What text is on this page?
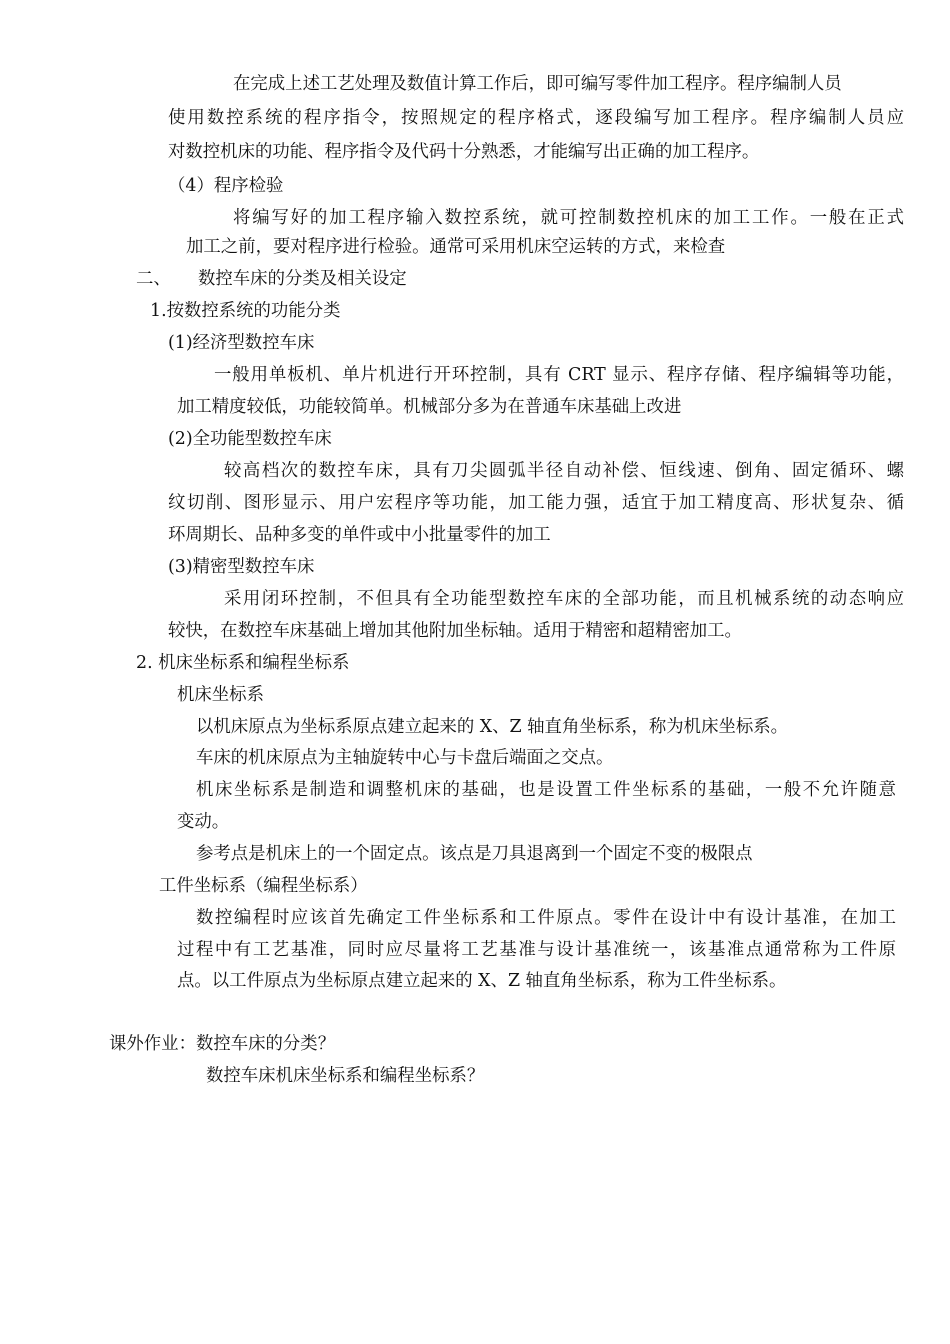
在完成上述工艺处理及数值计算工作后，即可编写零件加工程序。程序编制人员
使用数控系统的程序指令，按照规定的程序格式，逐段编写加工程序。程序编制人员应
对数控机床的功能、程序指令及代码十分熟悉，才能编写出正确的加工程序。
（4）程序检验
将编写好的加工程序输入数控系统，就可控制数控机床的加工工作。一般在正式
加工之前，要对程序进行检验。通常可采用机床空运转的方式，来检查
二、 数控车床的分类及相关设定
1.按数控系统的功能分类
(1)经济型数控车床
一般用单板机、单片机进行开环控制，具有 CRT 显示、程序存储、程序编辑等功能，
加工精度较低，功能较简单。机械部分多为在普通车床基础上改进
(2)全功能型数控车床
较高档次的数控车床，具有刀尖圆弧半径自动补偿、恒线速、倒角、固定循环、螺
纹切削、图形显示、用户宏程序等功能，加工能力强，适宜于加工精度高、形状复杂、循
环周期长、品种多变的单件或中小批量零件的加工
(3)精密型数控车床
采用闭环控制，不但具有全功能型数控车床的全部功能，而且机械系统的动态响应
较快，在数控车床基础上增加其他附加坐标轴。适用于精密和超精密加工。
2. 机床坐标系和编程坐标系
机床坐标系
以机床原点为坐标系原点建立起来的 X、Z 轴直角坐标系，称为机床坐标系。
车床的机床原点为主轴旋转中心与卡盘后端面之交点。
机床坐标系是制造和调整机床的基础，也是设置工件坐标系的基础，一般不允许随意
变动。
参考点是机床上的一个固定点。该点是刀具退离到一个固定不变的极限点
工件坐标系（编程坐标系）
数控编程时应该首先确定工件坐标系和工件原点。零件在设计中有设计基准，在加工
过程中有工艺基准，同时应尽量将工艺基准与设计基准统一，该基准点通常称为工件原
点。以工件原点为坐标原点建立起来的 X、Z 轴直角坐标系，称为工件坐标系。
课外作业：数控车床的分类？
数控车床机床坐标系和编程坐标系？
